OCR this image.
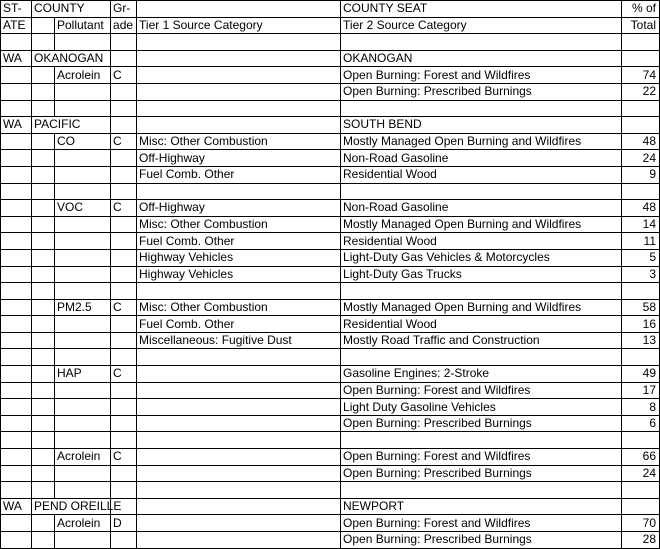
ST-	COUNTY		Gr-		COUNTY SEAT	% of
ATE		Pollutant	ade	Tier 1 Source Category	Tier 2 Source Category	Total

WA	OKANOGAN				OKANOGAN	
		Acrolein	C		Open Burning: Forest and Wildfires	74
					Open Burning: Prescribed Burnings	22

WA	PACIFIC				SOUTH BEND	
		CO	C	Misc: Other Combustion	Mostly Managed Open Burning and Wildfires	48
				Off-Highway	Non-Road Gasoline	24
				Fuel Comb. Other	Residential Wood	9

		VOC	C	Off-Highway	Non-Road Gasoline	48
				Misc: Other Combustion	Mostly Managed Open Burning and Wildfires	14
				Fuel Comb. Other	Residential Wood	11
				Highway Vehicles	Light-Duty Gas Vehicles & Motorcycles	5
				Highway Vehicles	Light-Duty Gas Trucks	3

		PM2.5	C	Misc: Other Combustion	Mostly Managed Open Burning and Wildfires	58
				Fuel Comb. Other	Residential Wood	16
				Miscellaneous: Fugitive Dust	Mostly Road Traffic and Construction	13

		HAP	C		Gasoline Engines: 2-Stroke	49
					Open Burning: Forest and Wildfires	17
					Light Duty Gasoline Vehicles	8
					Open Burning: Prescribed Burnings	6

		Acrolein	C		Open Burning: Forest and Wildfires	66
					Open Burning: Prescribed Burnings	24

WA	PEND OREILLE				NEWPORT	
		Acrolein	D		Open Burning: Forest and Wildfires	70
					Open Burning: Prescribed Burnings	28
